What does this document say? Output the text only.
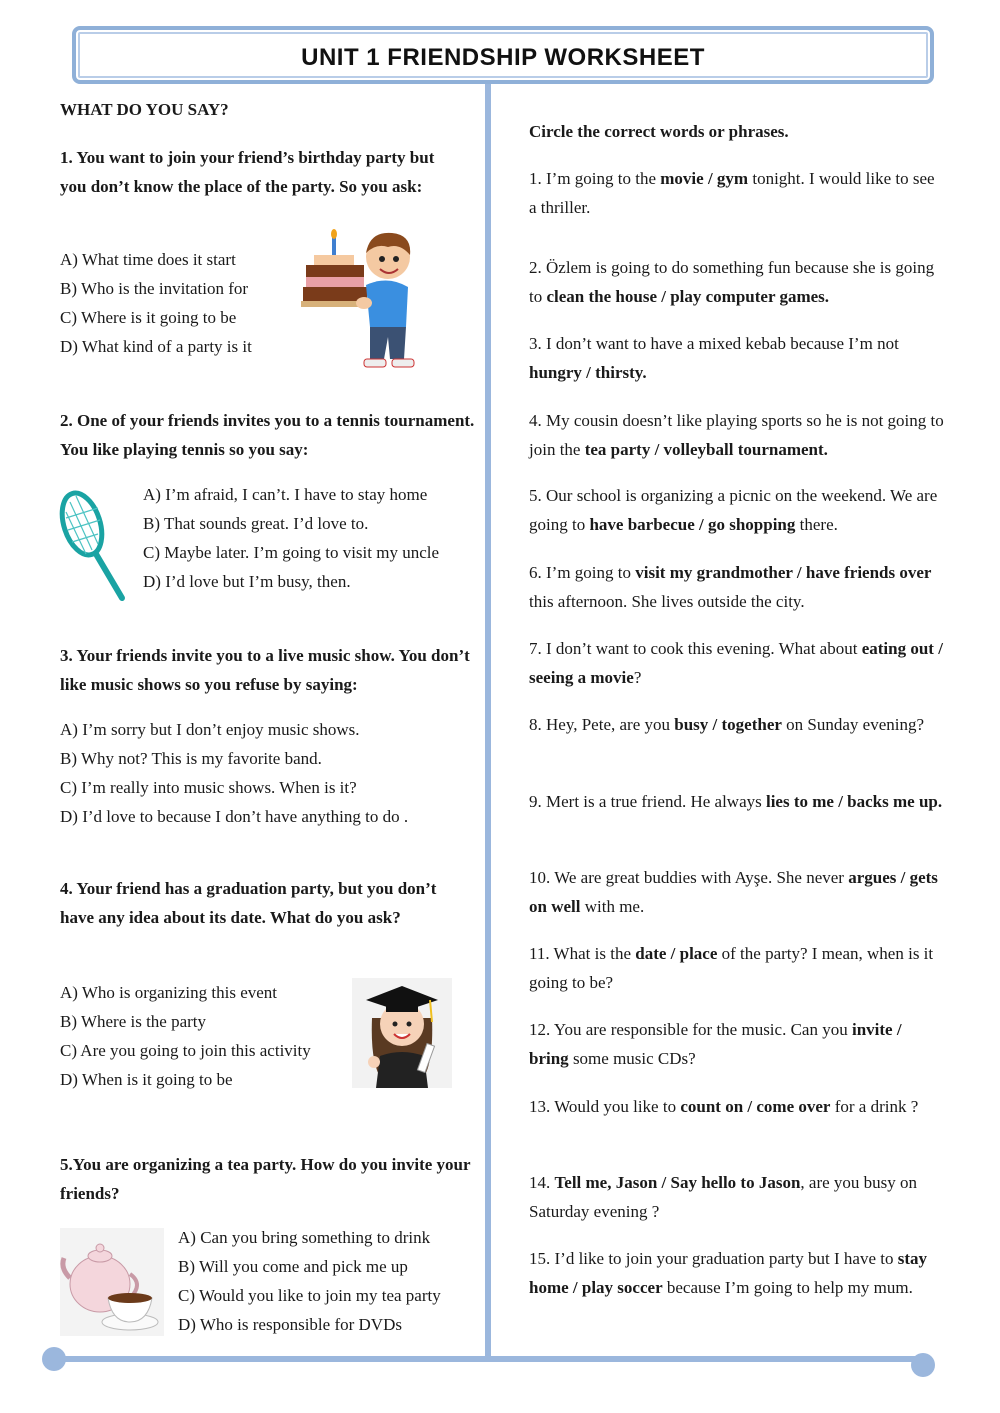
UNIT 1 FRIENDSHIP WORKSHEET

WHAT DO YOU SAY?

1. You want to join your friend’s birthday party but you don’t know the place of the party. So you ask:

A) What time does it start
B) Who is the invitation for
C) Where is it going to be
D) What kind of a party is it

2. One of your friends invites you to a tennis tournament. You like playing tennis so you say:

A) I’m afraid, I can’t. I have to stay home
B) That sounds great. I’d love to.
C) Maybe later. I’m going to visit my uncle
D) I’d love but I’m busy, then.

3. Your friends invite you to a live music show. You don’t like music shows so you refuse by saying:

A) I’m sorry but I don’t enjoy music shows.
B) Why not? This is my favorite band.
C) I’m really into music shows. When is it?
D) I’d love to because I don’t have anything to do .

4. Your friend has a graduation party, but you don’t have any idea about its date. What do you ask?

A) Who is organizing this event
B) Where is the party
C) Are you going to join this activity
D) When is it going to be

5.You are organizing a tea party. How do you invite your friends?

A) Can you bring something to drink
B) Will you come and pick me up
C) Would you like to join my tea party
D) Who is responsible for DVDs

Circle the correct words or phrases.

1. I’m going to the movie / gym tonight. I would like to see a thriller.
2. Özlem is going to do something fun because she is going to clean the house / play computer games.
3. I don’t want to have a mixed kebab because I’m not hungry / thirsty.
4. My cousin doesn’t like playing sports so he is not going to join the tea party / volleyball tournament.
5. Our school is organizing a picnic on the weekend. We are going to have barbecue / go shopping there.
6. I’m going to visit my grandmother / have friends over this afternoon. She lives outside the city.
7. I don’t want to cook this evening. What about eating out / seeing a movie?
8. Hey, Pete, are you busy / together on Sunday evening?
9. Mert is a true friend. He always lies to me / backs me up.
10. We are great buddies with Ayşe. She never argues / gets on well with me.
11. What is the date / place of the party? I mean, when is it going to be?
12. You are responsible for the music. Can you invite / bring some music CDs?
13. Would you like to count on / come over for a drink ?
14. Tell me, Jason / Say hello to Jason, are you busy on Saturday evening ?
15. I’d like to join your graduation party but I have to stay home / play soccer because I’m going to help my mum.
